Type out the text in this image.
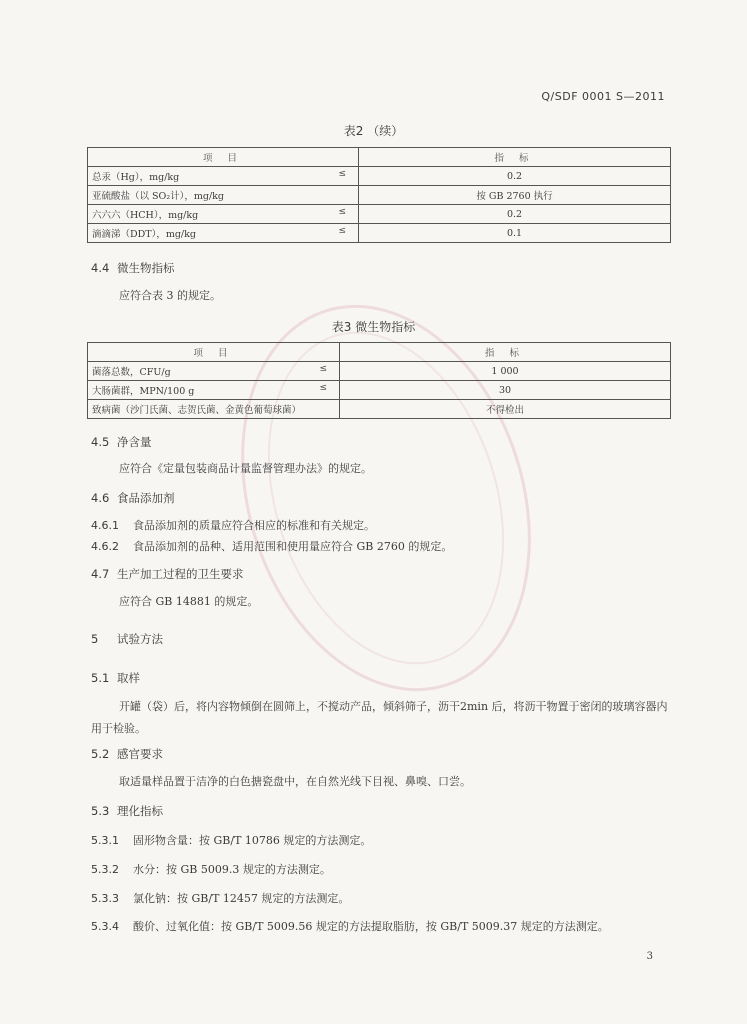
Q/SDF 0001 S—2011
表2 （续）
项 目	指 标
总汞（Hg），mg/kg ≤	0.2
亚硫酸盐（以 SO₂计），mg/kg	按 GB 2760 执行
六六六（HCH），mg/kg ≤	0.2
滴滴涕（DDT），mg/kg ≤	0.1
4.4 微生物指标
应符合表 3 的规定。
表3 微生物指标
项 目	指 标
菌落总数，CFU/g ≤	1 000
大肠菌群，MPN/100 g ≤	30
致病菌（沙门氏菌、志贺氏菌、金黄色葡萄球菌）	不得检出
4.5 净含量
应符合《定量包装商品计量监督管理办法》的规定。
4.6 食品添加剂
4.6.1 食品添加剂的质量应符合相应的标准和有关规定。
4.6.2 食品添加剂的品种、适用范围和使用量应符合 GB 2760 的规定。
4.7 生产加工过程的卫生要求
应符合 GB 14881 的规定。
5 试验方法
5.1 取样
开罐（袋）后，将内容物倾倒在圆筛上，不搅动产品，倾斜筛子，沥干2min 后，将沥干物置于密闭的玻璃容器内用于检验。
5.2 感官要求
取适量样品置于洁净的白色搪瓷盘中，在自然光线下目视、鼻嗅、口尝。
5.3 理化指标
5.3.1 固形物含量：按 GB/T 10786 规定的方法测定。
5.3.2 水分：按 GB 5009.3 规定的方法测定。
5.3.3 氯化钠：按 GB/T 12457 规定的方法测定。
5.3.4 酸价、过氧化值：按 GB/T 5009.56 规定的方法提取脂肪，按 GB/T 5009.37 规定的方法测定。
3
